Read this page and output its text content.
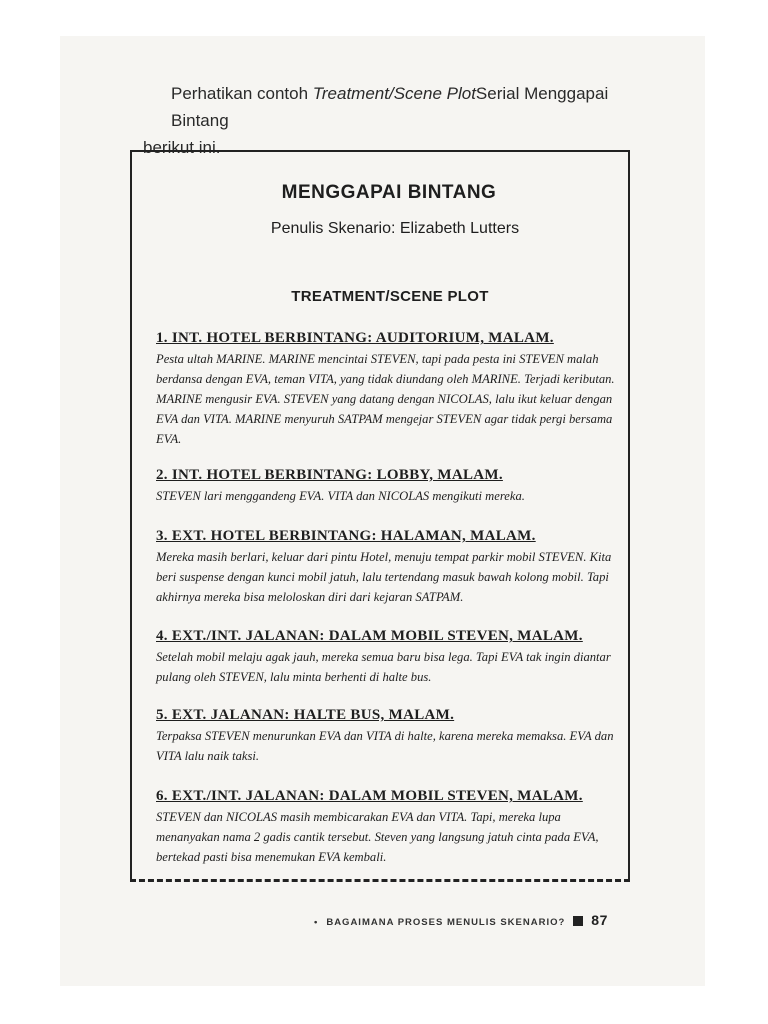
Perhatikan contoh Treatment/Scene PlotSerial Menggapai Bintang
berikut ini.
MENGGAPAI BINTANG
Penulis Skenario: Elizabeth Lutters
TREATMENT/SCENE PLOT

1. INT. HOTEL BERBINTANG: AUDITORIUM, MALAM.

Pesta ultah MARINE. MARINE mencintai STEVEN, tapi pada pesta ini STEVEN malah berdansa dengan EVA, teman VITA, yang tidak diundang oleh MARINE. Terjadi keributan. MARINE mengusir EVA. STEVEN yang datang dengan NICOLAS, lalu ikut keluar dengan EVA dan VITA. MARINE menyuruh SATPAM mengejar STEVEN agar tidak pergi bersama EVA.

2. INT. HOTEL BERBINTANG: LOBBY, MALAM.

STEVEN lari menggandeng EVA. VITA dan NICOLAS mengikuti mereka.

3. EXT. HOTEL BERBINTANG: HALAMAN, MALAM.

Mereka masih berlari, keluar dari pintu Hotel, menuju tempat parkir mobil STEVEN. Kita beri suspense dengan kunci mobil jatuh, lalu tertendang masuk bawah kolong mobil. Tapi akhirnya mereka bisa meloloskan diri dari kejaran SATPAM.

4. EXT./INT. JALANAN: DALAM MOBIL STEVEN, MALAM.

Setelah mobil melaju agak jauh, mereka semua baru bisa lega. Tapi EVA tak ingin diantar pulang oleh STEVEN, lalu minta berhenti di halte bus.

5. EXT. JALANAN: HALTE BUS, MALAM.

Terpaksa STEVEN menurunkan EVA dan VITA di halte, karena mereka memaksa. EVA dan VITA lalu naik taksi.

6. EXT./INT. JALANAN: DALAM MOBIL STEVEN, MALAM.

STEVEN dan NICOLAS masih membicarakan EVA dan VITA. Tapi, mereka lupa menanyakan nama 2 gadis cantik tersebut. Steven yang langsung jatuh cinta pada EVA, bertekad pasti bisa menemukan EVA kembali.

• BAGAIMANA PROSES MENULIS SKENARIO? 87
